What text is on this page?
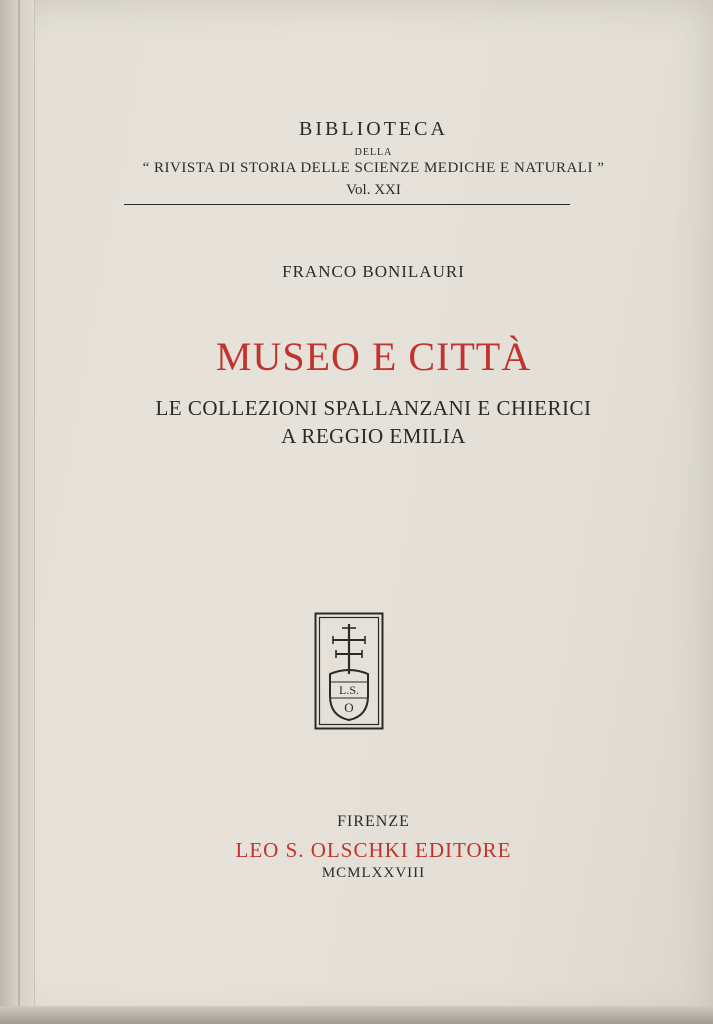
BIBLIOTECA

DELLA

“ RIVISTA DI STORIA DELLE SCIENZE MEDICHE E NATURALI ”

Vol. XXI

FRANCO BONILAURI

MUSEO E CITTÀ

LE COLLEZIONI SPALLANZANI E CHIERICI

A REGGIO EMILIA

L.S.
O

FIRENZE

LEO S. OLSCHKI EDITORE

MCMLXXVIII
